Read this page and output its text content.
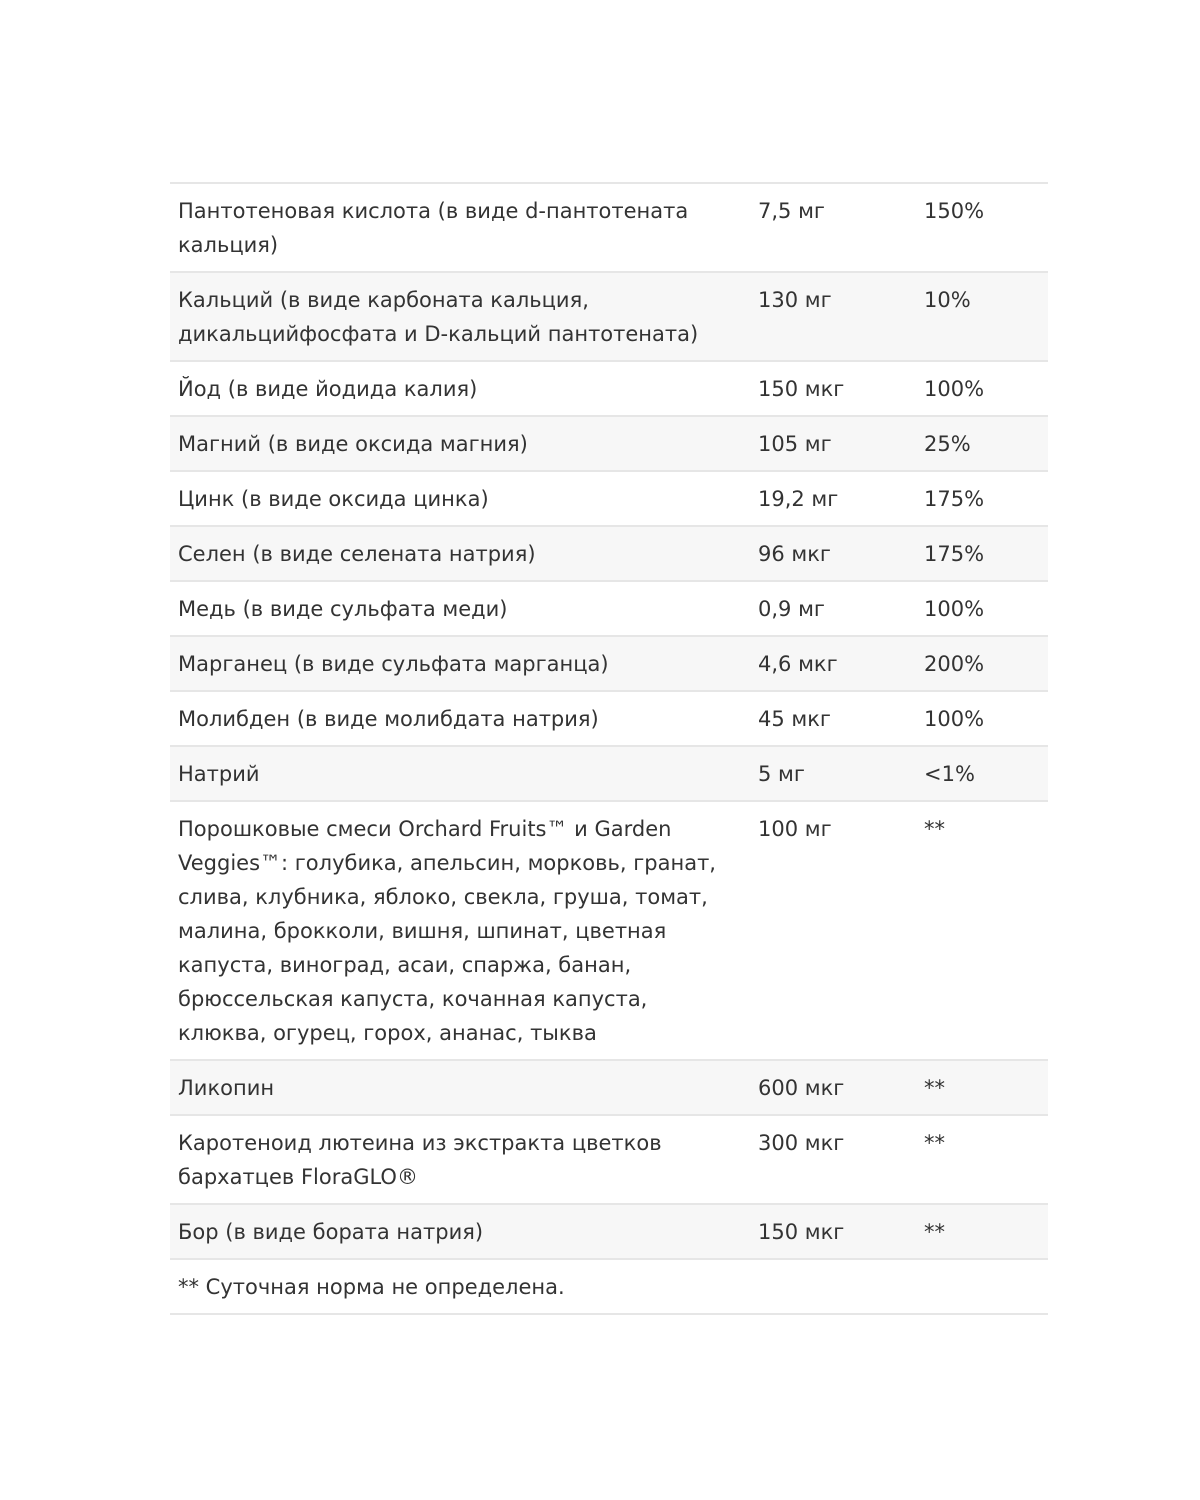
Пантотеновая кислота (в виде d-пантотената кальция)	7,5 мг	150%
Кальций (в виде карбоната кальция, дикальцийфосфата и D-кальций пантотената)	130 мг	10%
Йод (в виде йодида калия)	150 мкг	100%
Магний (в виде оксида магния)	105 мг	25%
Цинк (в виде оксида цинка)	19,2 мг	175%
Селен (в виде селената натрия)	96 мкг	175%
Медь (в виде сульфата меди)	0,9 мг	100%
Марганец (в виде сульфата марганца)	4,6 мкг	200%
Молибден (в виде молибдата натрия)	45 мкг	100%
Натрий	5 мг	<1%
Порошковые смеси Orchard Fruits™ и Garden Veggies™: голубика, апельсин, морковь, гранат, слива, клубника, яблоко, свекла, груша, томат, малина, брокколи, вишня, шпинат, цветная капуста, виноград, асаи, спаржа, банан, брюссельская капуста, кочанная капуста, клюква, огурец, горох, ананас, тыква	100 мг	**
Ликопин	600 мкг	**
Каротеноид лютеина из экстракта цветков бархатцев FloraGLO®	300 мкг	**
Бор (в виде бората натрия)	150 мкг	**
** Суточная норма не определена.		
